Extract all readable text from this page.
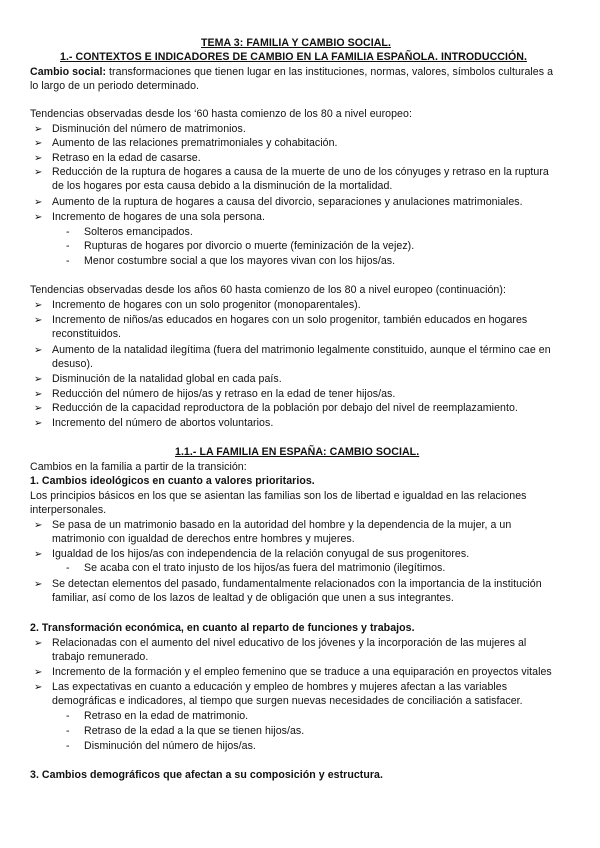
TEMA 3: FAMILIA Y CAMBIO SOCIAL.
1.- CONTEXTOS E INDICADORES DE CAMBIO EN LA FAMILIA ESPAÑOLA. INTRODUCCIÓN.
Cambio social: transformaciones que tienen lugar en las instituciones, normas, valores, símbolos culturales a
lo largo de un periodo determinado.
Tendencias observadas desde los ‘60 hasta comienzo de los 80 a nivel europeo:
➢ Disminución del número de matrimonios.
➢ Aumento de las relaciones prematrimoniales y cohabitación.
➢ Retraso en la edad de casarse.
➢ Reducción de la ruptura de hogares a causa de la muerte de uno de los cónyuges y retraso en la ruptura
de los hogares por esta causa debido a la disminución de la mortalidad.
➢ Aumento de la ruptura de hogares a causa del divorcio, separaciones y anulaciones matrimoniales.
➢ Incremento de hogares de una sola persona.
- Solteros emancipados.
- Rupturas de hogares por divorcio o muerte (feminización de la vejez).
- Menor costumbre social a que los mayores vivan con los hijos/as.
Tendencias observadas desde los años 60 hasta comienzo de los 80 a nivel europeo (continuación):
➢ Incremento de hogares con un solo progenitor (monoparentales).
➢ Incremento de niños/as educados en hogares con un solo progenitor, también educados en hogares
reconstituidos.
➢ Aumento de la natalidad ilegítima (fuera del matrimonio legalmente constituido, aunque el término cae en
desuso).
➢ Disminución de la natalidad global en cada país.
➢ Reducción del número de hijos/as y retraso en la edad de tener hijos/as.
➢ Reducción de la capacidad reproductora de la población por debajo del nivel de reemplazamiento.
➢ Incremento del número de abortos voluntarios.
1.1.- LA FAMILIA EN ESPAÑA: CAMBIO SOCIAL.
Cambios en la familia a partir de la transición:
1. Cambios ideológicos en cuanto a valores prioritarios.
Los principios básicos en los que se asientan las familias son los de libertad e igualdad en las relaciones
interpersonales.
➢ Se pasa de un matrimonio basado en la autoridad del hombre y la dependencia de la mujer, a un
matrimonio con igualdad de derechos entre hombres y mujeres.
➢ Igualdad de los hijos/as con independencia de la relación conyugal de sus progenitores.
- Se acaba con el trato injusto de los hijos/as fuera del matrimonio (ilegítimos.
➢ Se detectan elementos del pasado, fundamentalmente relacionados con la importancia de la institución
familiar, así como de los lazos de lealtad y de obligación que unen a sus integrantes.
2. Transformación económica, en cuanto al reparto de funciones y trabajos.
➢ Relacionadas con el aumento del nivel educativo de los jóvenes y la incorporación de las mujeres al
trabajo remunerado.
➢ Incremento de la formación y el empleo femenino que se traduce a una equiparación en proyectos vitales
➢ Las expectativas en cuanto a educación y empleo de hombres y mujeres afectan a las variables
demográficas e indicadores, al tiempo que surgen nuevas necesidades de conciliación a satisfacer.
- Retraso en la edad de matrimonio.
- Retraso de la edad a la que se tienen hijos/as.
- Disminución del número de hijos/as.
3. Cambios demográficos que afectan a su composición y estructura.
